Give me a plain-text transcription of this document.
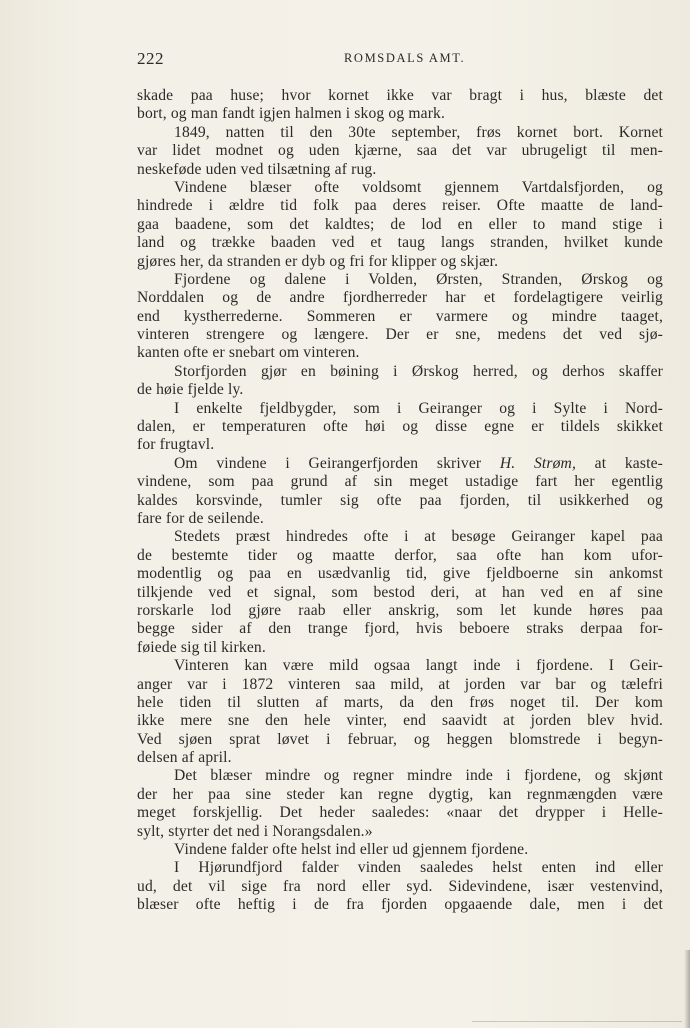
222	ROMSDALS AMT.
skade paa huse; hvor kornet ikke var bragt i hus, blæste det
bort, og man fandt igjen halmen i skog og mark.
1849, natten til den 30te september, frøs kornet bort. Kornet
var lidet modnet og uden kjærne, saa det var ubrugeligt til men-
neskeføde uden ved tilsætning af rug.
Vindene blæser ofte voldsomt gjennem Vartdalsfjorden, og
hindrede i ældre tid folk paa deres reiser. Ofte maatte de land-
gaa baadene, som det kaldtes; de lod en eller to mand stige i
land og trække baaden ved et taug langs stranden, hvilket kunde
gjøres her, da stranden er dyb og fri for klipper og skjær.
Fjordene og dalene i Volden, Ørsten, Stranden, Ørskog og
Norddalen og de andre fjordherreder har et fordelagtigere veirlig
end kystherrederne. Sommeren er varmere og mindre taaget,
vinteren strengere og længere. Der er sne, medens det ved sjø-
kanten ofte er snebart om vinteren.
Storfjorden gjør en bøining i Ørskog herred, og derhos skaffer
de høie fjelde ly.
I enkelte fjeldbygder, som i Geiranger og i Sylte i Nord-
dalen, er temperaturen ofte høi og disse egne er tildels skikket
for frugtavl.
Om vindene i Geirangerfjorden skriver H. Strøm, at kaste-
vindene, som paa grund af sin meget ustadige fart her egentlig
kaldes korsvinde, tumler sig ofte paa fjorden, til usikkerhed og
fare for de seilende.
Stedets præst hindredes ofte i at besøge Geiranger kapel paa
de bestemte tider og maatte derfor, saa ofte han kom ufor-
modentlig og paa en usædvanlig tid, give fjeldboerne sin ankomst
tilkjende ved et signal, som bestod deri, at han ved en af sine
rorskarle lod gjøre raab eller anskrig, som let kunde høres paa
begge sider af den trange fjord, hvis beboere straks derpaa for-
føiede sig til kirken.
Vinteren kan være mild ogsaa langt inde i fjordene. I Geir-
anger var i 1872 vinteren saa mild, at jorden var bar og tælefri
hele tiden til slutten af marts, da den frøs noget til. Der kom
ikke mere sne den hele vinter, end saavidt at jorden blev hvid.
Ved sjøen sprat løvet i februar, og heggen blomstrede i begyn-
delsen af april.
Det blæser mindre og regner mindre inde i fjordene, og skjønt
der her paa sine steder kan regne dygtig, kan regnmængden være
meget forskjellig. Det heder saaledes: «naar det drypper i Helle-
sylt, styrter det ned i Norangsdalen.»
Vindene falder ofte helst ind eller ud gjennem fjordene.
I Hjørundfjord falder vinden saaledes helst enten ind eller
ud, det vil sige fra nord eller syd. Sidevindene, især vestenvind,
blæser ofte heftig i de fra fjorden opgaaende dale, men i det
